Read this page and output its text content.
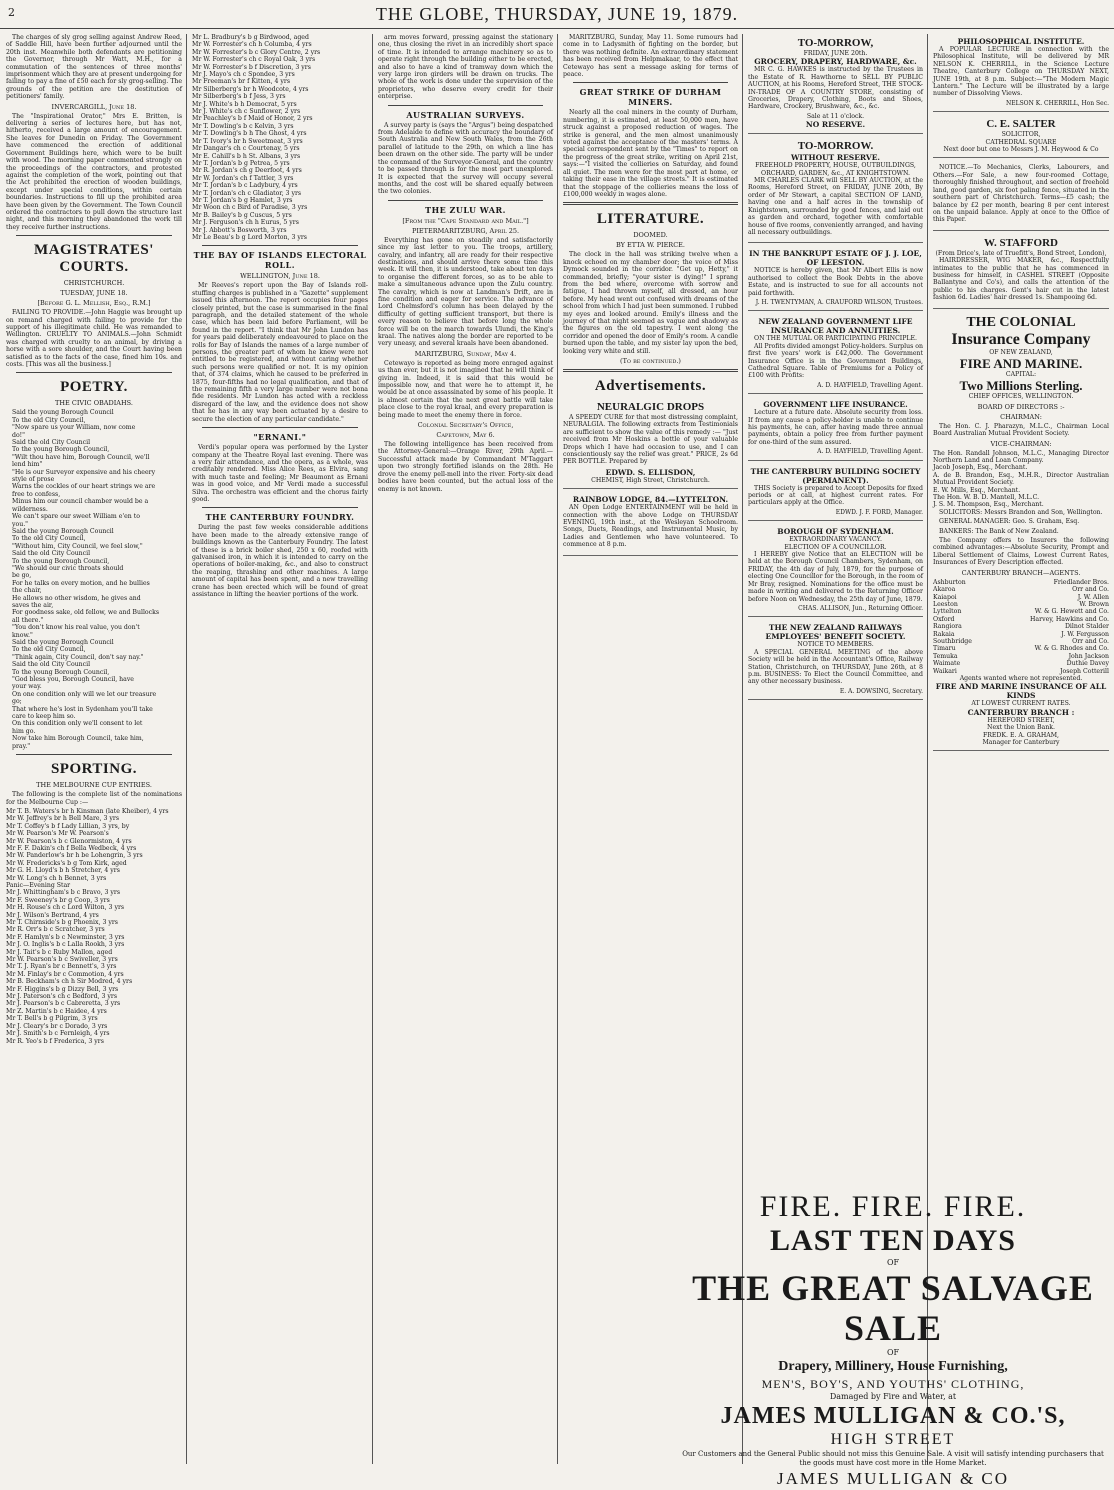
2	THE GLOBE, THURSDAY, JUNE 19, 1879.

The charges of sly grog selling against Andrew Reed, of Saddle Hill, have been further adjourned until the 20th inst. Meanwhile both defendants are petitioning the Governor, through Mr Watt, M.H., for a commutation of the sentences of three months' imprisonment which they are at present undergoing for failing to pay a fine of £50 each for sly grog-selling. The grounds of the petition are the destitution of petitioners' family.

INVERCARGILL, June 18.

The "Inspirational Orator," Mrs E. Britten, is delivering a series of lectures here, but has not, hitherto, received a large amount of encouragement. She leaves for Dunedin on Friday. The Government have commenced the erection of additional Government Buildings here, which were to be built with wood. The morning paper commented strongly on the proceedings of the contractors, and protested against the completion of the work, pointing out that the Act prohibited the erection of wooden buildings, except under special conditions, within certain boundaries. Instructions to fill up the prohibited area have been given by the Government. The Town Council ordered the contractors to pull down the structure last night, and this morning they abandoned the work till they receive further instructions.

MAGISTRATES' COURTS.
CHRISTCHURCH.
TUESDAY, JUNE 18.
[Before G. L. Mellish, Esq., R.M.]

FAILING TO PROVIDE.—John Haggie was brought up on remand charged with failing to provide for the support of his illegitimate child. He was remanded to Wellington. CRUELTY TO ANIMALS.—John Schmidt was charged with cruelty to an animal, by driving a horse with a sore shoulder, and the Court having been satisfied as to the facts of the case, fined him 10s. and costs. [This was all the business.]

POETRY.
THE CIVIC OBADIAHS.
Said the young Borough Council
To the old City Council,
"Now spare us your William, now come
do!"
Said the old City Council
To the young Borough Council,
"Wilt thou have him, Borough Council, we'll
lend him"
"He is our Surveyor expensive and his cheery
style of prose
Warns the cockles of our heart strings we are
free to confess,
Minus him our council chamber would be a
wilderness.
We can't spare our sweet William e'en to
you."
Said the young Borough Council
To the old City Council,
"Without him, City Council, we feel slow,"
Said the old City Council
To the young Borough Council,
"We should our civic throats should
be go,
For he talks on every motion, and he bullies
the chair,
He allows no other wisdom, he gives and
saves the air,
For goodness sake, old fellow, we and Bullocks
all there."
"You don't know his real value, you don't
know."
Said the young Borough Council
To the old City Council,
"Think again, City Council, don't say nay."
Said the old City Council
To the young Borough Council,
"God bless you, Borough Council, have
your way.
On one condition only will we let our treasure
go;
That where he's lost in Sydenham you'll take
care to keep him so.
On this condition only we'll consent to let
him go.
Now take him Borough Council, take him,
pray."
SPORTING.
THE MELBOURNE CUP ENTRIES.

The following is the complete list of the nominations for the Melbourne Cup :—

Mr T. B. Waters's br h Kinsman (late Kheiber), 4 yrs
Mr W. Jeffrey's br h Bell Mare, 3 yrs
Mr T. Coffey's b f Lady Lillian, 3 yrs, by
Mr W. Pearson's Mr W. Pearson's
Mr W. Pearson's b c Glenormiston, 4 yrs
Mr F. F. Dakin's ch f Bella Wedbeck, 4 yrs
Mr W. Panderlow's br h be Lohengrin, 3 yrs
Mr W. Fredericks's b g Tom Kirk, aged
Mr G. H. Lloyd's b h Stretcher, 4 yrs
Mr W. Long's ch h Bennet, 3 yrs
Panic—Evening Star
Mr J. Whittingham's b c Bravo, 3 yrs
Mr F. Sweeney's br g Coop, 3 yrs
Mr H. Rouse's ch c Lord Wilton, 3 yrs
Mr J. Wilson's Bertrand, 4 yrs
Mr T. Chirnside's b g Phoenix, 3 yrs
Mr R. Orr's b c Scratcher, 3 yrs
Mr F. Hamlyn's b c Newminster, 3 yrs
Mr J. O. Inglis's b c Lalla Rookh, 3 yrs
Mr J. Tait's b c Ruby Mallon, aged
Mr W. Pearson's b c Swiveller, 3 yrs
Mr T. J. Ryan's br c Bennett's, 3 yrs
Mr M. Finlay's br c Commotion, 4 yrs
Mr B. Beckham's ch h Sir Modred, 4 yrs
Mr F. Higgins's b g Dizzy Bell, 3 yrs
Mr J. Paterson's ch c Bedford, 3 yrs
Mr J. Pearson's b c Cabreretta, 3 yrs
Mr Z. Martin's b c Haidee, 4 yrs
Mr T. Bell's b g Pilgrim, 3 yrs
Mr J. Cleary's br c Dorado, 3 yrs
Mr J. Smith's b c Fernleigh, 4 yrs
Mr R. Yeo's b f Frederica, 3 yrs
Mr L. Bradbury's b g Birdwood, aged
Mr W. Forrester's ch h Columba, 4 yrs
Mr W. Forrester's b c Glory Centre, 2 yrs
Mr W. Forrester's ch c Royal Oak, 3 yrs
Mr W. Forrester's b f Discretion, 3 yrs
Mr J. Mayo's ch c Spondee, 3 yrs
Mr Freeman's br f Kitten, 4 yrs
Mr Silberberg's br h Woodcote, 4 yrs
Mr Silberberg's b f Jess, 3 yrs
Mr J. White's b h Democrat, 5 yrs
Mr J. White's ch c Sunflower, 2 yrs
Mr Peachley's b f Maid of Honor, 2 yrs
Mr T. Dowling's b c Kelvin, 3 yrs
Mr T. Dowling's b h The Ghost, 4 yrs
Mr T. Ivory's br h Sweetmeat, 3 yrs
Mr Dangar's ch c Courtenay, 5 yrs
Mr E. Cahill's b h St. Albans, 3 yrs
Mr T. Jordan's b g Petrea, 5 yrs
Mr R. Jordan's ch g Deerfoot, 4 yrs
Mr W. Jordan's ch f Tattler, 3 yrs
Mr T. Jordan's b c Ladybury, 4 yrs
Mr T. Jordan's ch c Gladiator, 3 yrs
Mr T. Jordan's b g Hamlet, 3 yrs
Mr Woon ch c Bird of Paradise, 3 yrs
Mr B. Bailey's b g Cuscus, 5 yrs
Mr J. Ferguson's ch h Eurus, 5 yrs
Mr J. Abbott's Bosworth, 3 yrs
Mr Le Beau's b g Lord Morton, 3 yrs
THE BAY OF ISLANDS ELECTORAL ROLL.
WELLINGTON, June 18.

Mr Reeves's report upon the Bay of Islands roll-stuffing charges is published in a "Gazette" supplement issued this afternoon. The report occupies four pages closely printed, but the case is summarised in the final paragraph, and the detailed statement of the whole case, which has been laid before Parliament, will be found in the report. "I think that Mr John Lundon has for years paid deliberately endeavoured to place on the rolls for Bay of Islands the names of a large number of persons, the greater part of whom he knew were not entitled to be registered, and without caring whether such persons were qualified or not. It is my opinion that, of 374 claims, which he caused to be preferred in 1875, four-fifths had no legal qualification, and that of the remaining fifth a very large number were not bona fide residents. Mr Lundon has acted with a reckless disregard of the law, and the evidence does not show that he has in any way been actuated by a desire to secure the election of any particular candidate."

"ERNANI."

Verdi's popular opera was performed by the Lyster company at the Theatre Royal last evening. There was a very fair attendance, and the opera, as a whole, was creditably rendered. Miss Alice Rees, as Elvira, sang with much taste and feeling; Mr Beaumont as Ernani was in good voice, and Mr Verdi made a successful Silva. The orchestra was efficient and the chorus fairly good.

THE CANTERBURY FOUNDRY.

During the past few weeks considerable additions have been made to the already extensive range of buildings known as the Canterbury Foundry. The latest of these is a brick boiler shed, 250 x 60, roofed with galvanised iron, in which it is intended to carry on the operations of boiler-making, &c., and also to construct the reaping, thrashing and other machines. A large amount of capital has been spent, and a new travelling crane has been erected which will be found of great assistance in lifting the heavier portions of the work.

arm moves forward, pressing against the stationary one, thus closing the rivet in an incredibly short space of time. It is intended to arrange machinery so as to operate right through the building either to be erected, and also to have a kind of tramway down which the very large iron girders will be drawn on trucks. The whole of the work is done under the supervision of the proprietors, who deserve every credit for their enterprise.

AUSTRALIAN SURVEYS.

A survey party is (says the "Argus") being despatched from Adelaide to define with accuracy the boundary of South Australia and New South Wales, from the 26th parallel of latitude to the 29th, on which a line has been drawn on the other side. The party will be under the command of the Surveyor-General, and the country to be passed through is for the most part unexplored. It is expected that the survey will occupy several months, and the cost will be shared equally between the two colonies.

THE ZULU WAR.
[From the "Cape Standard and Mail."]
PIETERMARITZBURG, April 25.

Everything has gone on steadily and satisfactorily since my last letter to you. The troops, artillery, cavalry, and infantry, all are ready for their respective destinations, and should arrive there some time this week. It will then, it is understood, take about ten days to organise the different forces, so as to be able to make a simultaneous advance upon the Zulu country. The cavalry, which is now at Landman's Drift, are in fine condition and eager for service. The advance of Lord Chelmsford's column has been delayed by the difficulty of getting sufficient transport, but there is every reason to believe that before long the whole force will be on the march towards Ulundi, the King's kraal. The natives along the border are reported to be very uneasy, and several kraals have been abandoned.

MARITZBURG, Sunday, May 4.

Cetewayo is reported as being more enraged against us than ever, but it is not imagined that he will think of giving in. Indeed, it is said that this would be impossible now, and that were he to attempt it, he would be at once assassinated by some of his people. It is almost certain that the next great battle will take place close to the royal kraal, and every preparation is being made to meet the enemy there in force.

Colonial Secretary's Office,
Capetown, May 6.

The following intelligence has been received from the Attorney-General:—Orange River, 29th April.—Successful attack made by Commandant M'Taggart upon two strongly fortified islands on the 28th. He drove the enemy pell-mell into the river. Forty-six dead bodies have been counted, but the actual loss of the enemy is not known.

MARITZBURG, Sunday, May 11. Some rumours had come in to Ladysmith of fighting on the border, but there was nothing definite. An extraordinary statement has been received from Helpmakaar, to the effect that Cetewayo has sent a message asking for terms of peace.

GREAT STRIKE OF DURHAM MINERS.

Nearly all the coal miners in the county of Durham, numbering, it is estimated, at least 50,000 men, have struck against a proposed reduction of wages. The strike is general, and the men almost unanimously voted against the acceptance of the masters' terms. A special correspondent sent by the "Times" to report on the progress of the great strike, writing on April 21st, says:—"I visited the collieries on Saturday, and found all quiet. The men were for the most part at home, or taking their ease in the village streets." It is estimated that the stoppage of the collieries means the loss of £100,000 weekly in wages alone.

LITERATURE.
DOOMED.
BY ETTA W. PIERCE.

The clock in the hall was striking twelve when a knock echoed on my chamber door; the voice of Miss Dymock sounded in the corridor. "Get up, Hetty," it commanded, briefly; "your sister is dying!" I sprang from the bed where, overcome with sorrow and fatigue, I had thrown myself, all dressed, an hour before. My head went out confused with dreams of the school from which I had just been summoned. I rubbed my eyes and looked around. Emily's illness and the journey of that night seemed as vague and shadowy as the figures on the old tapestry. I went along the corridor and opened the door of Emily's room. A candle burned upon the table, and my sister lay upon the bed, looking very white and still.

(To be continued.)
Advertisements.
NEURALGIC DROPS

A SPEEDY CURE for that most distressing complaint, NEURALGIA. The following extracts from Testimonials are sufficient to show the value of this remedy :— "Just received from Mr Hoskins a bottle of your valuable Drops which I have had occasion to use, and I can conscientiously say the relief was great." PRICE, 2s 6d PER BOTTLE. Prepared by

EDWD. S. ELLISDON,
CHEMIST, High Street, Christchurch.
RAINBOW LODGE, 84.—LYTTELTON.

AN Open Lodge ENTERTAINMENT will be held in connection with the above Lodge on THURSDAY EVENING, 19th inst., at the Wesleyan Schoolroom. Songs, Duets, Readings, and Instrumental Music, by Ladies and Gentlemen who have volunteered. To commence at 8 p.m.

TO-MORROW,
FRIDAY, JUNE 20th.
GROCERY, DRAPERY, HARDWARE, &c.

MR C. G. HAWKES is instructed by the Trustees in the Estate of R. Hawthorne to SELL BY PUBLIC AUCTION, at his Rooms, Hereford Street, THE STOCK-IN-TRADE OF A COUNTRY STORE, consisting of Groceries, Drapery, Clothing, Boots and Shoes, Hardware, Crockery, Brushware, &c., &c.

Sale at 11 o'clock.
NO RESERVE.
TO-MORROW.
WITHOUT RESERVE.
FREEHOLD PROPERTY, HOUSE, OUTBUILDINGS, ORCHARD, GARDEN, &c., AT KNIGHTSTOWN.

MR CHARLES CLARK will SELL BY AUCTION, at the Rooms, Hereford Street, on FRIDAY, JUNE 20th, By order of Mr Stewart, a capital SECTION OF LAND, having one and a half acres in the township of Knightstown, surrounded by good fences, and laid out as garden and orchard, together with comfortable house of five rooms, conveniently arranged, and having all necessary outbuildings.

IN THE BANKRUPT ESTATE OF J. J. LOE, OF LEESTON.

NOTICE is hereby given, that Mr Albert Ellis is now authorised to collect the Book Debts in the above Estate, and is instructed to sue for all accounts not paid forthwith.

J. H. TWENTYMAN, A. CRAUFORD WILSON, Trustees.
NEW ZEALAND GOVERNMENT LIFE INSURANCE AND ANNUITIES.
ON THE MUTUAL OR PARTICIPATING PRINCIPLE.

All Profits divided amongst Policy-holders. Surplus on first five years' work is £42,000. The Government Insurance Office is in the Government Buildings, Cathedral Square. Table of Premiums for a Policy of £100 with Profits:

A. D. HAYFIELD, Travelling Agent.
GOVERNMENT LIFE INSURANCE.

Lecture at a future date. Absolute security from loss. If from any cause a policy-holder is unable to continue his payments, he can, after having made three annual payments, obtain a policy free from further payment for one-third of the sum assured.

A. D. HAYFIELD, Travelling Agent.
THE CANTERBURY BUILDING SOCIETY (PERMANENT).

THIS Society is prepared to Accept Deposits for fixed periods or at call, at highest current rates. For particulars apply at the Office.

EDWD. J. F. FORD, Manager.
BOROUGH OF SYDENHAM.
EXTRAORDINARY VACANCY.
ELECTION OF A COUNCILLOR.

I HEREBY give Notice that an ELECTION will be held at the Borough Council Chambers, Sydenham, on FRIDAY, the 4th day of July, 1879, for the purpose of electing One Councillor for the Borough, in the room of Mr Bray, resigned. Nominations for the office must be made in writing and delivered to the Returning Officer before Noon on Wednesday, the 25th day of June, 1879.

CHAS. ALLISON, Jun., Returning Officer.
THE NEW ZEALAND RAILWAYS EMPLOYEES' BENEFIT SOCIETY.
NOTICE TO MEMBERS.

A SPECIAL GENERAL MEETING of the above Society will be held in the Accountant's Office, Railway Station, Christchurch, on THURSDAY, June 26th, at 8 p.m. BUSINESS: To Elect the Council Committee, and any other necessary business.

E. A. DOWSING, Secretary.
PHILOSOPHICAL INSTITUTE.

A POPULAR LECTURE in connection with the Philosophical Institute, will be delivered by MR NELSON K. CHERRILL, in the Science Lecture Theatre, Canterbury College on THURSDAY NEXT, JUNE 19th, at 8 p.m. Subject:—"The Modern Magic Lantern." The Lecture will be illustrated by a large number of Dissolving Views.

NELSON K. CHERRILL, Hon Sec.
C. E. SALTER
SOLICITOR,
CATHEDRAL SQUARE
Next door but one to Messrs J. M. Heywood & Co

NOTICE.—To Mechanics, Clerks, Labourers, and Others.—For Sale, a new four-roomed Cottage, thoroughly finished throughout, and section of freehold land, good garden, six foot paling fence, situated in the southern part of Christchurch. Terms—£5 cash; the balance by £2 per month, bearing 8 per cent interest on the unpaid balance. Apply at once to the Office of this Paper.

W. STAFFORD
(From Drice's, late of Truefitt's, Bond Street, London),

HAIRDRESSER, WIG MAKER, &c., Respectfully intimates to the public that he has commenced in business for himself, in CASHEL STREET (Opposite Ballantyne and Co's), and calls the attention of the public to his charges. Gent's hair cut in the latest fashion 6d. Ladies' hair dressed 1s. Shampooing 6d.

THE COLONIAL
Insurance Company
OF NEW ZEALAND,
FIRE AND MARINE.
CAPITAL:
Two Millions Sterling.
CHIEF OFFICES, WELLINGTON.
BOARD OF DIRECTORS :-
CHAIRMAN:

The Hon. C. J. Pharazyn, M.L.C., Chairman Local Board Australian Mutual Provident Society.

VICE-CHAIRMAN:
The Hon. Randall Johnson, M.L.C., Managing Director Northern Land and Loan Company.
Jacob Joseph, Esq., Merchant.
A. de B. Brandon, Esq., M.H.R., Director Australian Mutual Provident Society.
E. W. Mills, Esq., Merchant.
The Hon. W. B. D. Mantell, M.L.C.
J. S. M. Thompson, Esq., Merchant.

SOLICITORS: Messrs Brandon and Son, Wellington.

GENERAL MANAGER: Geo. S. Graham, Esq.

BANKERS: The Bank of New Zealand.

The Company offers to Insurers the following combined advantages:—Absolute Security, Prompt and Liberal Settlement of Claims, Lowest Current Rates, Insurances of Every Description effected.

CANTERBURY BRANCH—AGENTS.
Ashburton	Friedlander Bros.
Akaroa	Orr and Co.
Kaiapoi	J. W. Allen
Leeston	W. Brown
Lyttelton	W. & G. Hewett and Co.
Oxford	Harvey, Hawkins and Co.
Rangiora	Dilnot Stalder
Rakaia	J. W. Fergusson
Southbridge	Orr and Co.
Timaru	W. & G. Rhodes and Co.
Temuka	John Jackson
Waimate	Duthie Davey
Waikari	Joseph Cotterill
Agents wanted where not represented.
FIRE AND MARINE INSURANCE OF ALL KINDS
AT LOWEST CURRENT RATES.
CANTERBURY BRANCH :
HEREFORD STREET,
Next the Union Bank.
FREDK. E. A. GRAHAM,
Manager for Canterbury
FIRE. FIRE. FIRE.
LAST TEN DAYS
OF
THE GREAT SALVAGE SALE
OF
Drapery, Millinery, House Furnishing,
MEN'S, BOY'S, AND YOUTHS' CLOTHING,
Damaged by Fire and Water, at
JAMES MULLIGAN & CO.'S,
HIGH STREET
Our Customers and the General Public should not miss this Genuine Sale. A visit will satisfy intending purchasers that the goods must have cost more in the Home Market.
JAMES MULLIGAN & CO
